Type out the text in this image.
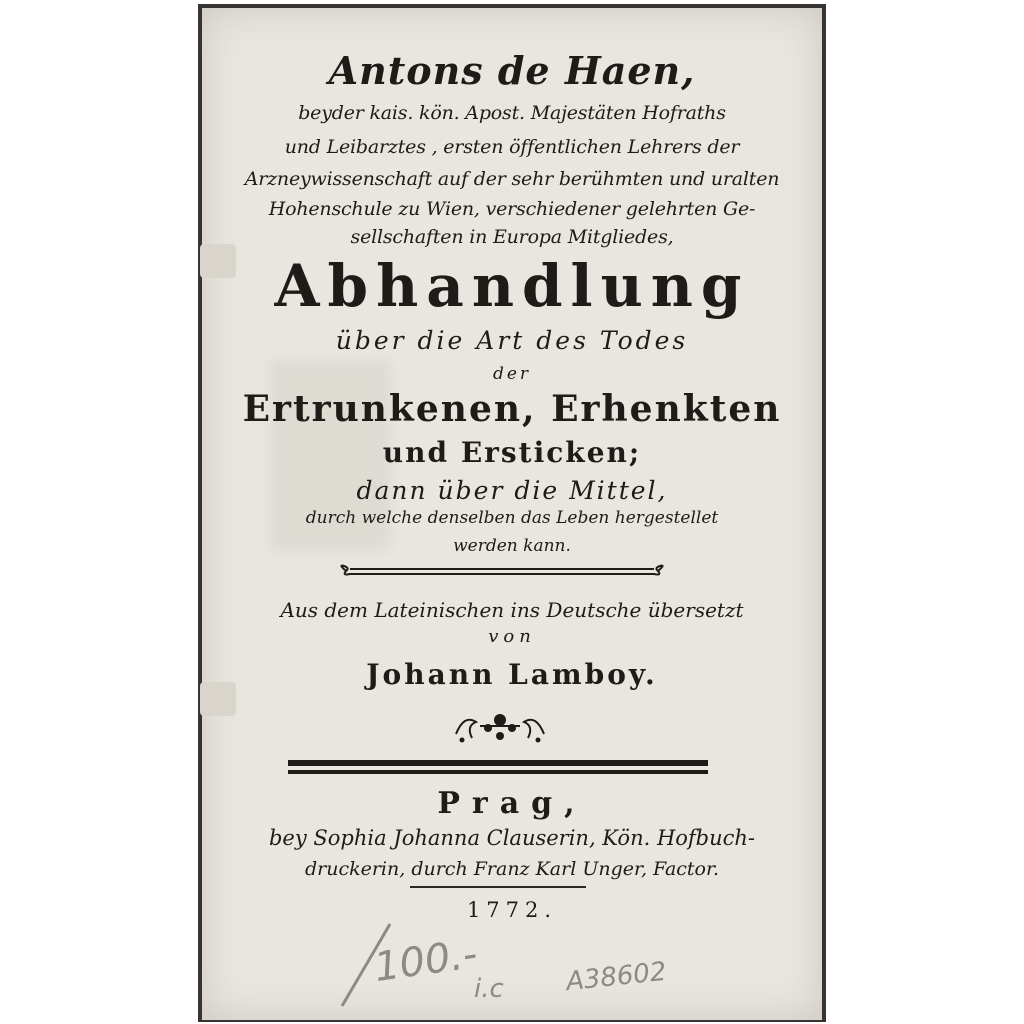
Antons de Haen,

beyder kais. kön. Apost. Majestäten Hofraths

und Leibarztes , ersten öffentlichen Lehrers der

Arzneywissenschaft auf der sehr berühmten und uralten

Hohenschule zu Wien, verschiedener gelehrten Ge-

sellschaften in Europa Mitgliedes,

Abhandlung

über die Art des Todes

der

Ertrunkenen, Erhenkten

und Ersticken;

dann über die Mittel,

durch welche denselben das Leben hergestellet

werden kann.

Aus dem Lateinischen ins Deutsche übersetzt

von

Johann Lamboy.

Prag,

bey Sophia Johanna Clauserin, Kön. Hofbuch-

druckerin, durch Franz Karl Unger, Factor.

1772.

100.-
i.c A38602
